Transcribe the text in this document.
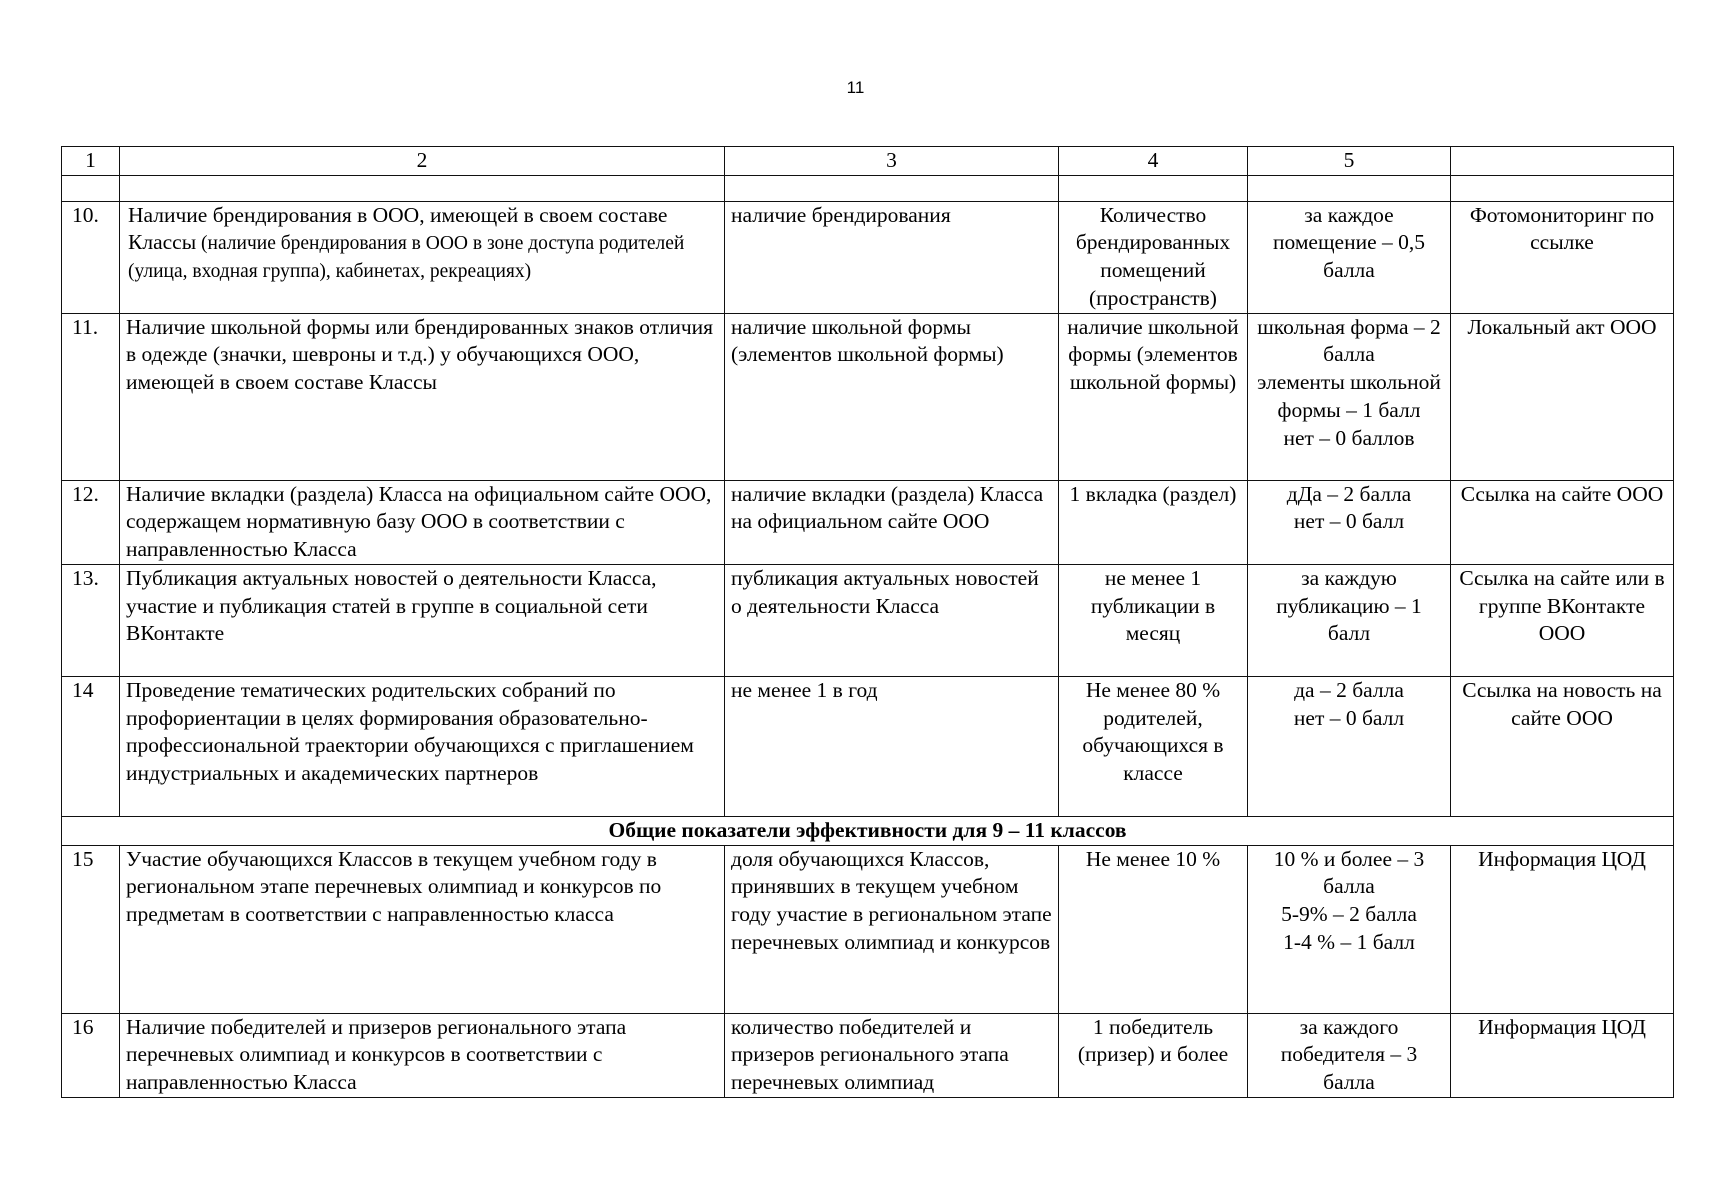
11
1	2	3	4	5	

10.	Наличие брендирования в ООО, имеющей в своем составе Классы (наличие брендирования в ООО в зоне доступа родителей (улица, входная группа), кабинетах, рекреациях)	наличие брендирования	Количество брендированных помещений (пространств)	за каждое помещение – 0,5 балла	Фотомониторинг по ссылке
11.	Наличие школьной формы или брендированных знаков отличия в одежде (значки, шевроны и т.д.) у обучающихся ООО, имеющей в своем составе Классы	наличие школьной формы (элементов школьной формы)	наличие школьной формы (элементов школьной формы)	школьная форма – 2 балла
элементы школьной формы – 1 балл
нет – 0 баллов	Локальный акт ООО
12.	Наличие вкладки (раздела) Класса на официальном сайте ООО, содержащем нормативную базу ООО в соответствии с направленностью Класса	наличие вкладки (раздела) Класса на официальном сайте ООО	1 вкладка (раздел)	дДа – 2 балла
нет – 0 балл	Ссылка на сайте ООО
13.	Публикация актуальных новостей о деятельности Класса, участие и публикация статей в группе в социальной сети ВКонтакте	публикация актуальных новостей о деятельности Класса	не менее 1 публикации в месяц	за каждую публикацию – 1 балл	Ссылка на сайте или в группе ВКонтакте ООО
14	Проведение тематических родительских собраний по профориентации в целях формирования образовательно-профессиональной траектории обучающихся с приглашением индустриальных и академических партнеров	не менее 1 в год	Не менее 80 % родителей, обучающихся в классе	да – 2 балла
нет – 0 балл	Ссылка на новость на сайте ООО
Общие показатели эффективности для 9 – 11 классов					
15	Участие обучающихся Классов в текущем учебном году в региональном этапе перечневых олимпиад и конкурсов по предметам в соответствии с направленностью класса	доля обучающихся Классов, принявших в текущем учебном году участие в региональном этапе перечневых олимпиад и конкурсов	Не менее 10 %	10 % и более – 3 балла
5-9% – 2 балла
1-4 % – 1 балл	Информация ЦОД
16	Наличие победителей и призеров регионального этапа перечневых олимпиад и конкурсов в соответствии с направленностью Класса	количество победителей и призеров регионального этапа перечневых олимпиад	1 победитель (призер) и более	за каждого победителя – 3 балла	Информация ЦОД
